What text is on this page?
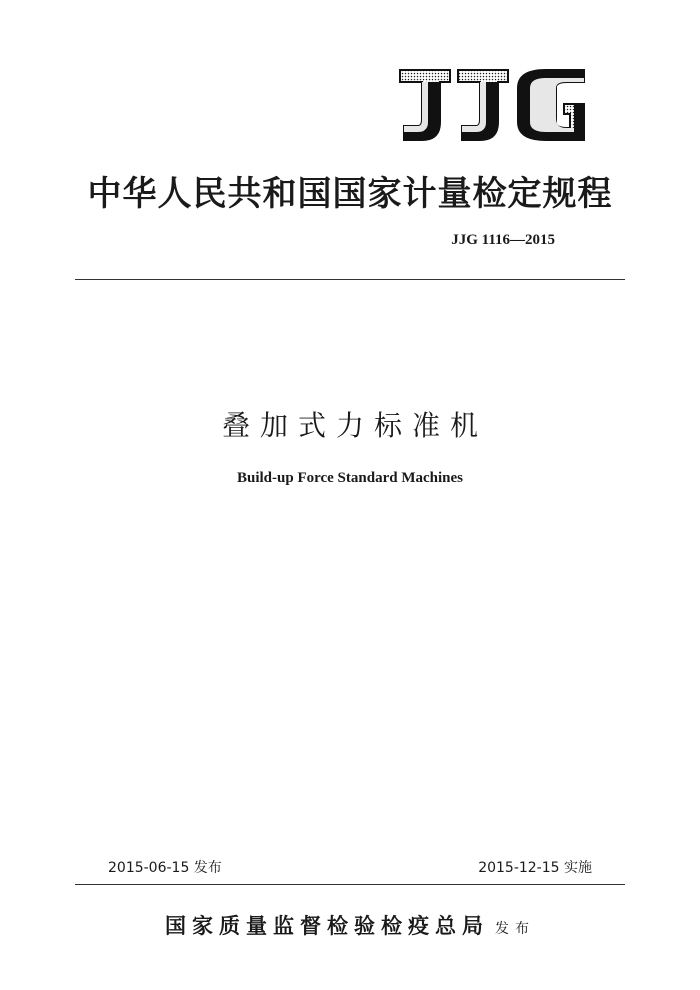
中华人民共和国国家计量检定规程
JJG 1116—2015
叠加式力标准机
Build-up Force Standard Machines
2015-06-15 发布	2015-12-15 实施
国家质量监督检验检疫总局 发布
